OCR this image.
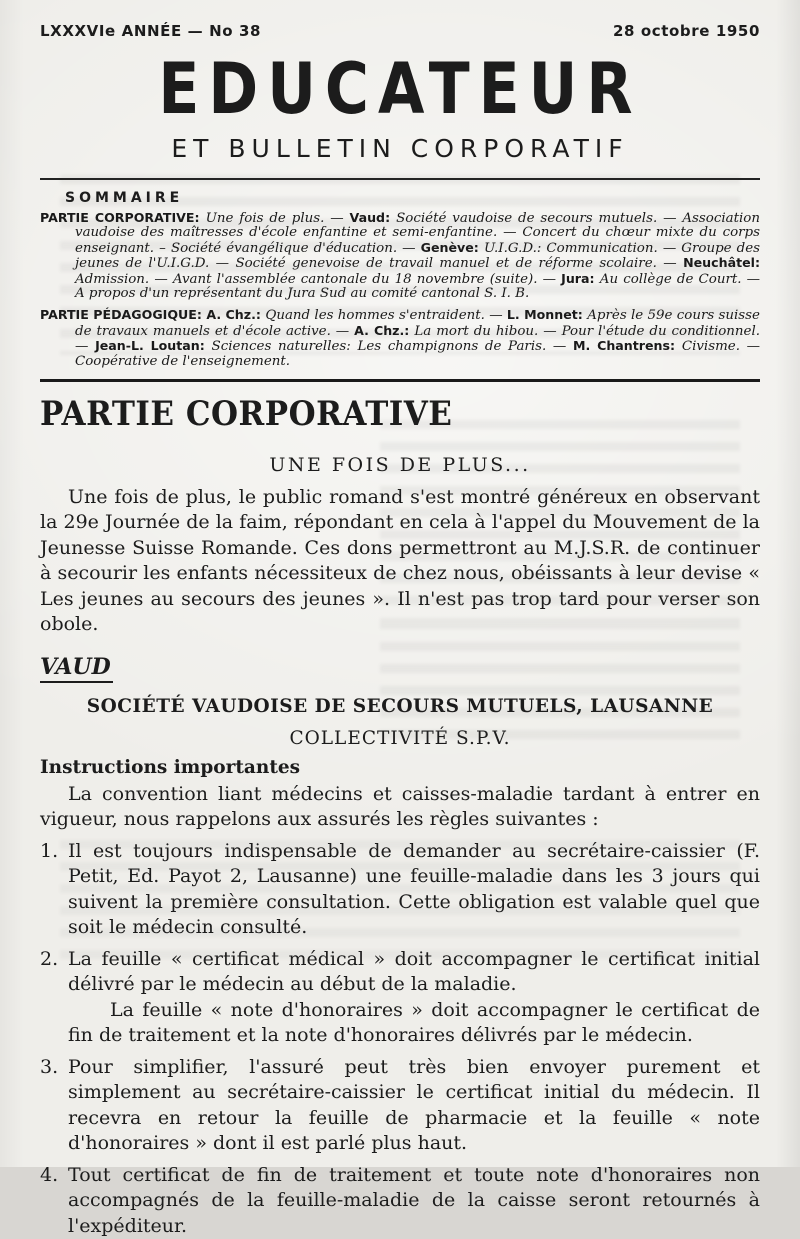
LXXXVIe ANNÉE — No 38	28 octobre 1950
EDUCATEUR
ET BULLETIN CORPORATIF
SOMMAIRE

PARTIE CORPORATIVE: Une fois de plus. — Vaud: Société vaudoise de secours mutuels. — Association vaudoise des maîtresses d'école enfantine et semi-enfantine. — Concert du chœur mixte du corps enseignant. – Société évangélique d'éducation. — Genève: U.I.G.D.: Communication. — Groupe des jeunes de l'U.I.G.D. — Société genevoise de travail manuel et de réforme scolaire. — Neuchâtel: Admission. — Avant l'assemblée cantonale du 18 novembre (suite). — Jura: Au collège de Court. — A propos d'un représentant du Jura Sud au comité cantonal S. I. B.

PARTIE PÉDAGOGIQUE: A. Chz.: Quand les hommes s'entraident. — L. Monnet: Après le 59e cours suisse de travaux manuels et d'école active. — A. Chz.: La mort du hibou. — Pour l'étude du conditionnel. — Jean-L. Loutan: Sciences naturelles: Les champignons de Paris. — M. Chantrens: Civisme. — Coopérative de l'enseignement.

PARTIE CORPORATIVE
UNE FOIS DE PLUS...

Une fois de plus, le public romand s'est montré généreux en observant la 29e Journée de la faim, répondant en cela à l'appel du Mouvement de la Jeunesse Suisse Romande. Ces dons permettront au M.J.S.R. de continuer à secourir les enfants nécessiteux de chez nous, obéissants à leur devise « Les jeunes au secours des jeunes ». Il n'est pas trop tard pour verser son obole.

VAUD
SOCIÉTÉ VAUDOISE DE SECOURS MUTUELS, LAUSANNE
COLLECTIVITÉ S.P.V.
Instructions importantes

La convention liant médecins et caisses-maladie tardant à entrer en vigueur, nous rappelons aux assurés les règles suivantes :

1. Il est toujours indispensable de demander au secrétaire-caissier (F. Petit, Ed. Payot 2, Lausanne) une feuille-maladie dans les 3 jours qui suivent la première consultation. Cette obligation est valable quel que soit le médecin consulté.

2. La feuille « certificat médical » doit accompagner le certificat initial délivré par le médecin au début de la maladie.

La feuille « note d'honoraires » doit accompagner le certificat de fin de traitement et la note d'honoraires délivrés par le médecin.

3. Pour simplifier, l'assuré peut très bien envoyer purement et simplement au secrétaire-caissier le certificat initial du médecin. Il recevra en retour la feuille de pharmacie et la feuille « note d'honoraires » dont il est parlé plus haut.

4. Tout certificat de fin de traitement et toute note d'honoraires non accompagnés de la feuille-maladie de la caisse seront retournés à l'expéditeur.
